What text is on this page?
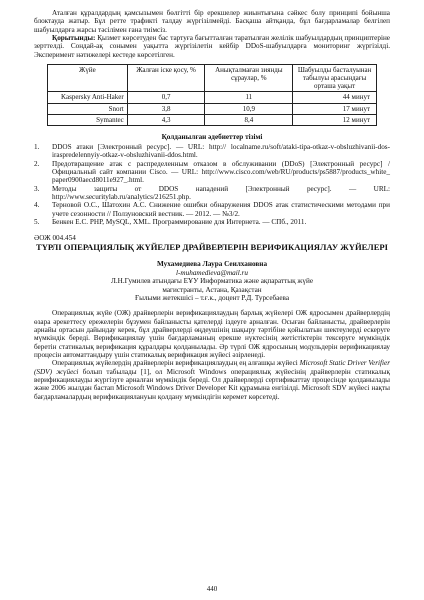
Аталған құралдардың қамсызымен бөлгітті бір ерекшелер жиынтығына сәйкес болу принципі бойынша блоктауда жатыр. Бұл ретте трафикті талдау жүргізілмейді. Басқаша айтқанда, бұл бағдарламалар белгілеп шабуылдарға жарсы тәсілімен ғана тиімсіз.

Қорытынды: Қызмет көрсетуден бас тартуға бағытталған таратылған желілік шабуылдардың принциптеріне зерттелді. Сондай-ақ сонымен уақытта жүргізілетін кейбір DDoS-шабуылдарға мониторинг жүргізілді. Эксперимент нәтижелері кестеде көрсетілген.

Жүйе	Жалған іске қосу, %	Анықталмаған зиянды сұраулар, %	Шабуылды басталуынан табылуы арасындағы орташа уақыт
Kaspersky Anti-Haker	0,7	11	44 минут
Snort	3,8	10,9	17 минут
Symantec	4,3	8,4	12 минут
Қолданылған әдебиеттер тізімі
1.	DDOS атаки [Электронный ресурс]. — URL: http:// localname.ru/soft/ataki-tipa-otkaz-v-obsluzhivanii-dos-iraspredelennyiy-otkaz-v-obsluzhivanii-ddos.html.
2.	Предотвращение атак с распределенным отказом в обслуживании (DDoS) [Электронный ресурс] / Официальный сайт компании Cisco. — URL: http://www.cisco.com/web/RU/products/ps5887/products_white_ paper0900aecd8011e927_.html.
3.	Методы защиты от DDOS нападений [Электронный ресурс]. — URL: http://www.securitylab.ru/analytics/216251.php.
4.	Терновой О.С., Шатохин А.С. Снижение ошибки обнаружения DDOS атак статистическими методами при учете сезонности // Ползуновский вестник. — 2012. — №3/2.
5.	Бенкен Е.С. PHP, MySQL, XML. Программирование для Интернета. — СПб., 2011.
ӘОЖ 004.454
ТҮРЛІ ОПЕРАЦИЯЛЫҚ ЖҮЙЕЛЕР ДРАЙВЕРЛЕРІН ВЕРИФИКАЦИЯЛАУ ЖҮЙЕЛЕРІ
Мухамедиева Лаура Сеилхановна
l-muhamedieva@mail.ru
Л.Н.Гумилев атындағы ЕҰУ Информатика және ақпараттық жүйе
магистранты, Астана, Қазақстан
Ғылыми жетекшісі – т.ғ.к., доцент Р.Д. Турсебаева

Операциялық жүйе (ОЖ) драйверлерін верификациялаудың барлық жүйелері ОЖ ядросымен драйверлердің өзара әрекеттесу ережелерін бұзумен байланысты қателерді іздеуге арналған. Осыған байланысты, драйверлерін арнайы ортасын дайындау керек, бұл драйверлерді өңдеушінің шақыру тәртібіне қойылатын шектеулерді ескеруге мүмкіндік береді. Верификациялау үшін бағдарламаның ерекше нүктесінің жетістіктерін тексеруге мүмкіндік беретін статикалық верификация құралдары қолданылады. Әр түрлі ОЖ ядросының модульдерін верификациялау процесін автоматтандыру үшін статикалық верификация жүйесі әзірленеді.

Операциялық жүйелердің драйверлерін верификациялаудың ең алғашқы жүйесі Microsoft Static Driver Verifier (SDV) жүйесі болып табылады [1], ол Microsoft Windows операциялық жүйесінің драйверлерін статикалық верификациялауды жүргізуге арналған мүмкіндік береді. Ол драйверлерді сертификаттау процесінде қолданылады және 2006 жылдан бастап Microsoft Windows Driver Developer Kit құрамына енгізілді. Microsoft SDV жүйесі нақты бағдарламалардың верификациялануын қолдану мүмкіндігін керемет көрсетеді.

440
